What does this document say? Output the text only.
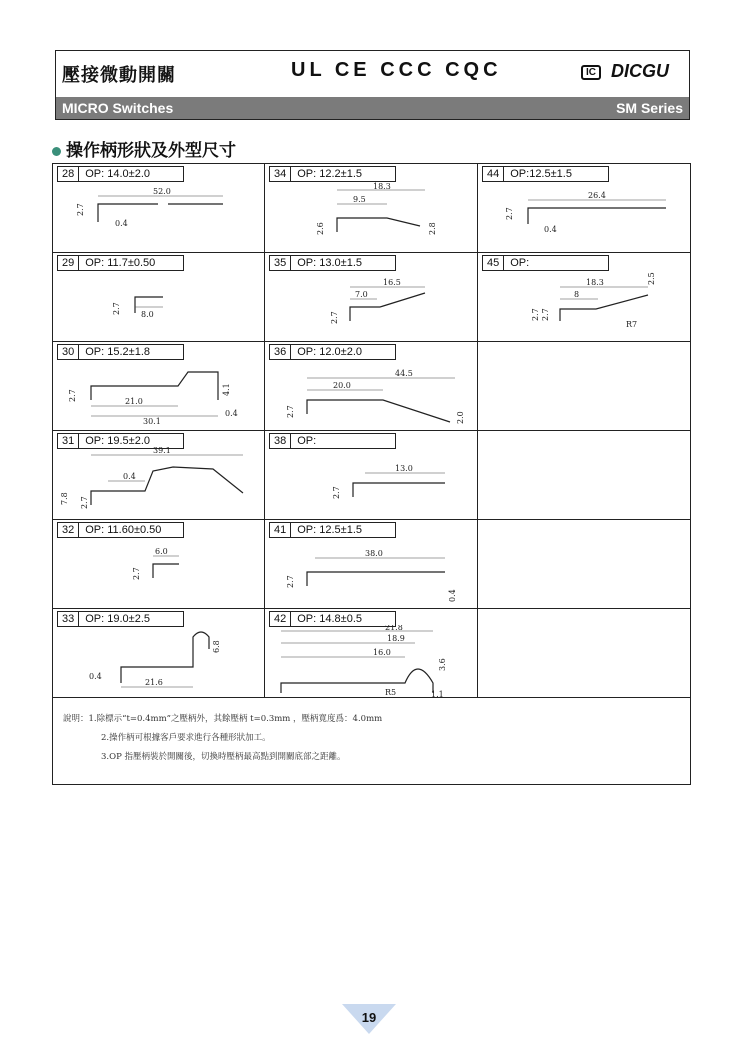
壓接微動開關	UL CE CCC CQC	IC DICGU
MICRO Switches	SM Series
操作柄形狀及外型尺寸
28 OP: 14.0±2.0
52.0
2.7
0.4
34 OP: 12.2±1.5
18.3
9.5
2.6	2.8
44 OP:12.5±1.5
26.4
2.7
0.4
29 OP: 11.7±0.50
2.7	8.0
35 OP: 13.0±1.5
16.5
7.0
2.7
45 OP:
18.3
8
2.5
2.7 2.7
R7
30 OP: 15.2±1.8
2.7	21.0
30.1
4.1
0.4
36 OP: 12.0±2.0
44.5
20.0
2.7	2.0
31 OP: 19.5±2.0
39.1
0.4
7.8 2.7
38 OP:
13.0
2.7
32 OP: 11.60±0.50
6.0
2.7
41 OP: 12.5±1.5
38.0
2.7
0.4
33 OP: 19.0±2.5
6.8
0.4
21.6
42 OP: 14.8±0.5
21.8
18.9
16.0
3.6
R5	1.1

說明：1.除標示“t=0.4mm”之壓柄外，其餘壓柄 t=0.3mm ，壓柄寬度爲：4.0mm

2.操作柄可根據客戶要求進行各種形狀加工。

3.OP 指壓柄裝於開關後，切換時壓柄最高點到開關底部之距離。

19
